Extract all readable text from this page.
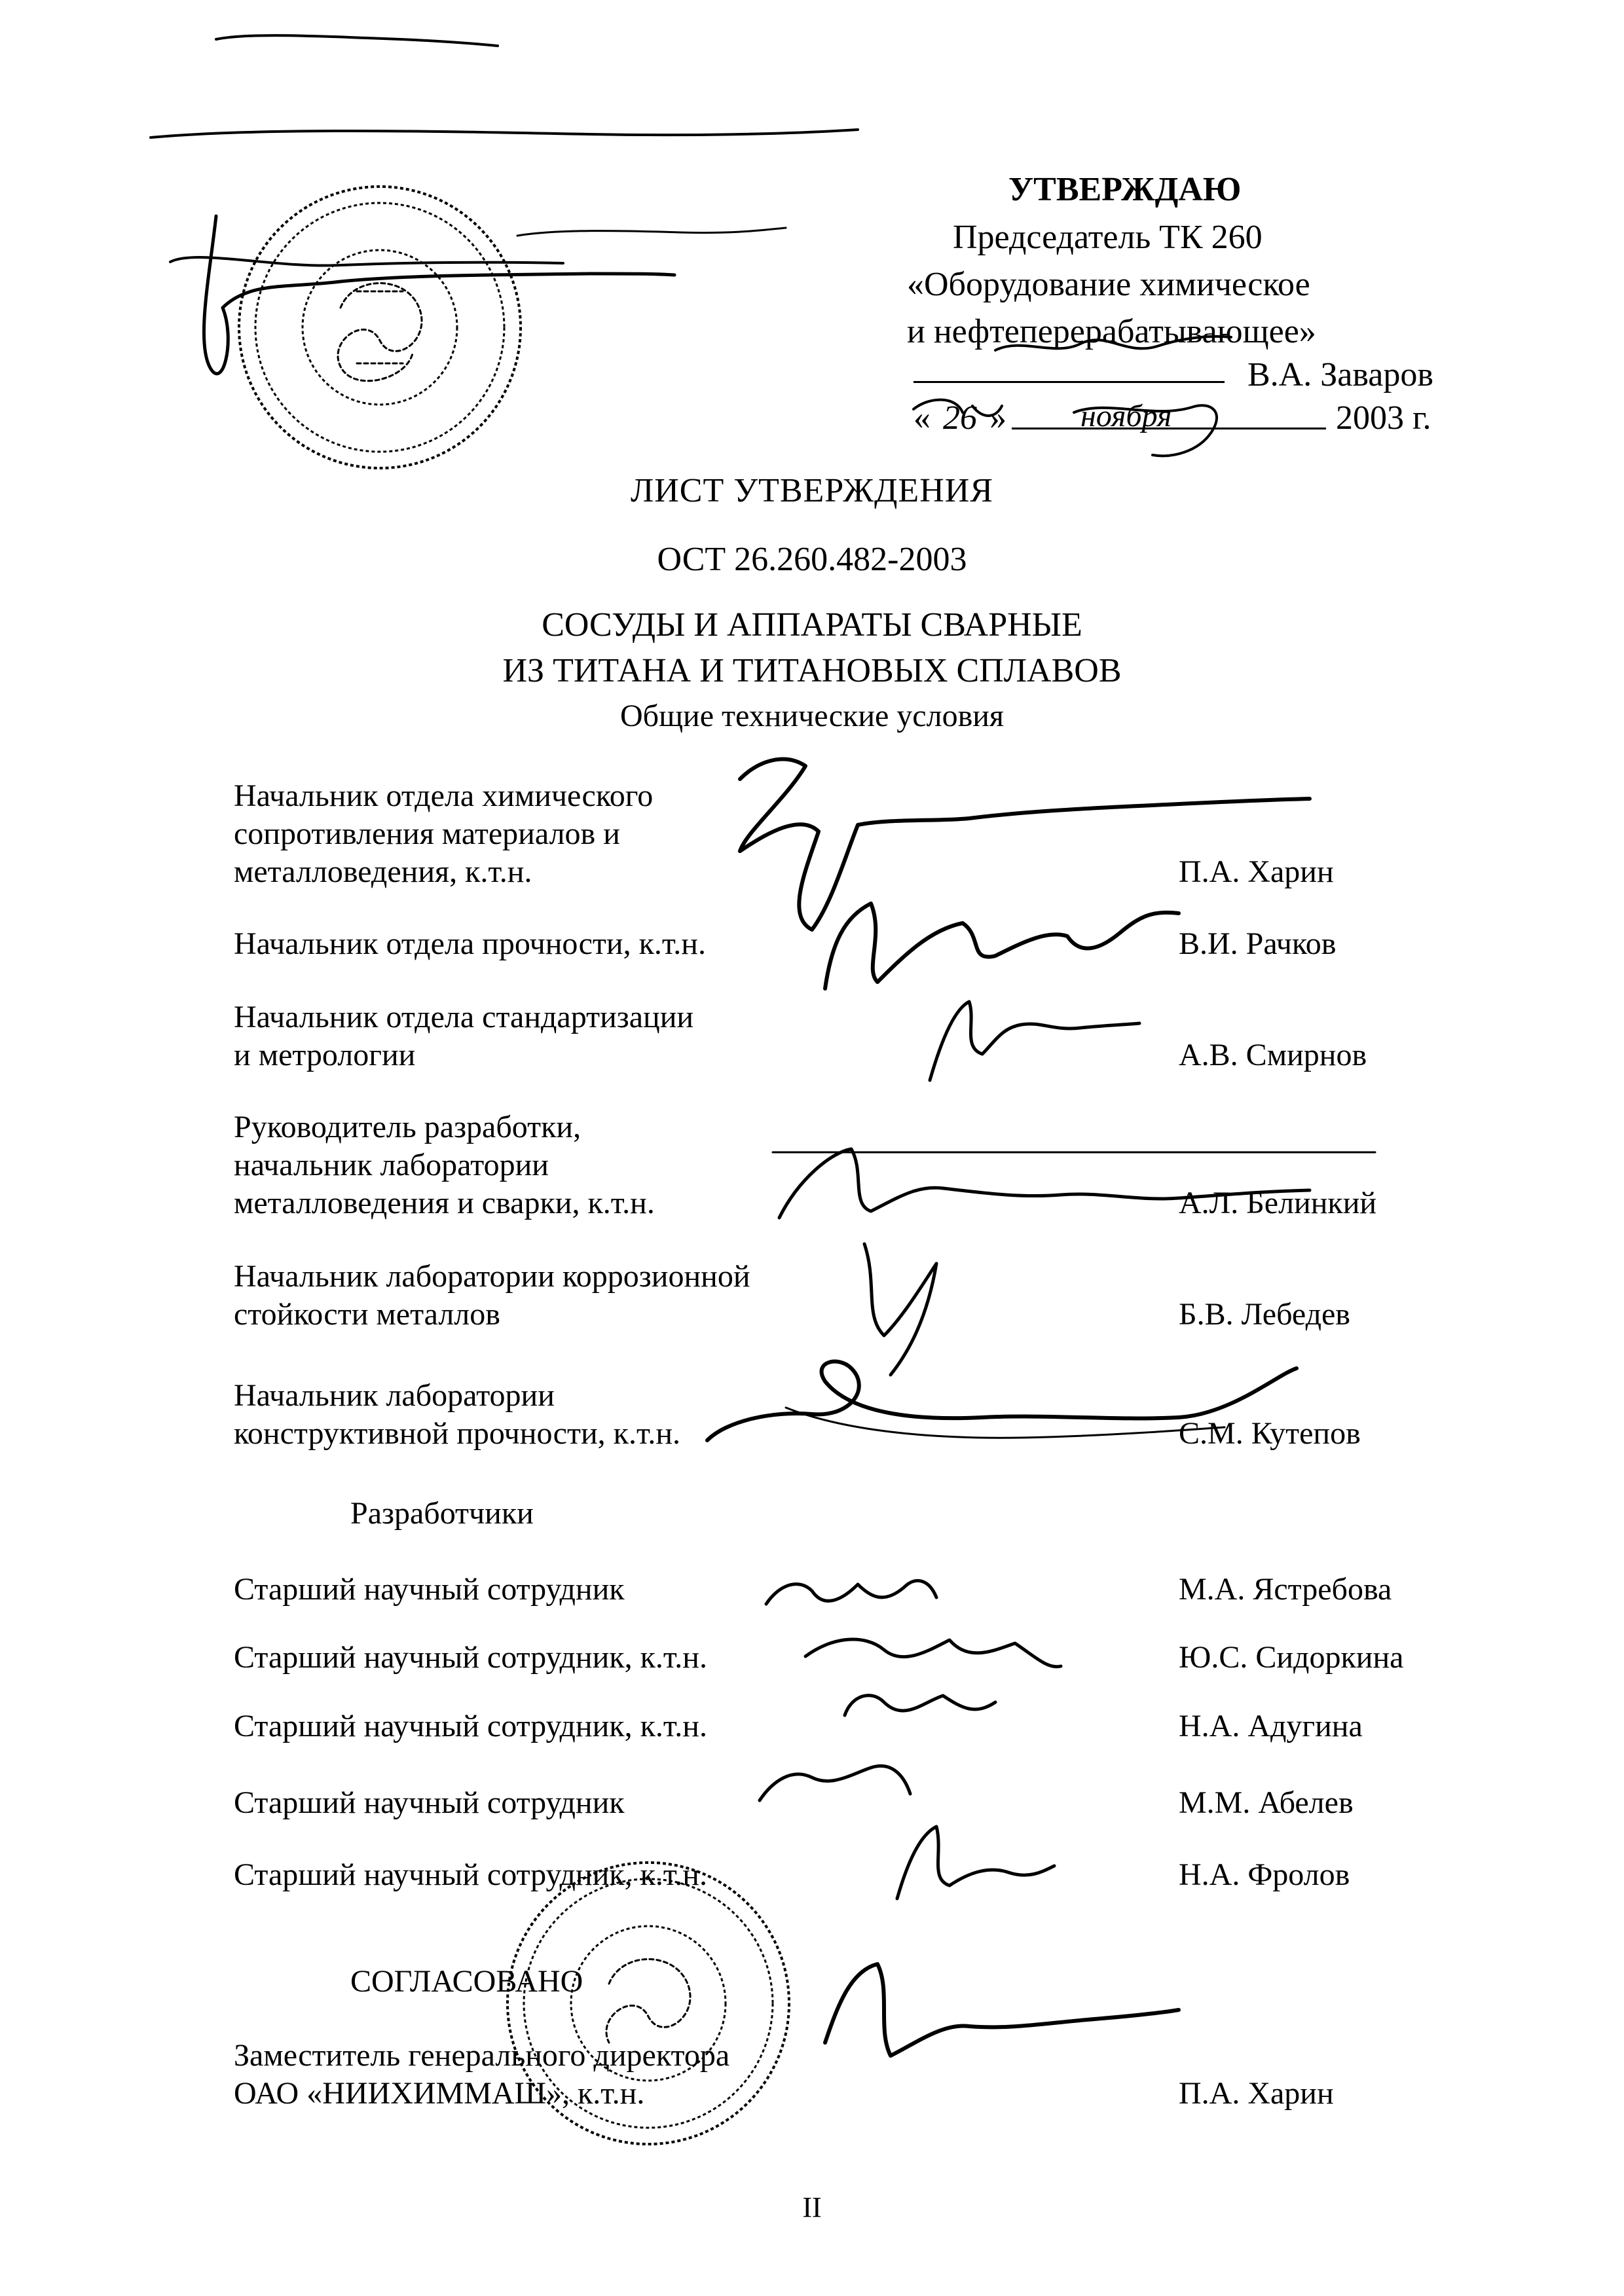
УТВЕРЖДАЮ
Председатель ТК 260
«Оборудование химическое
и нефтеперерабатывающее»
В.А. Заваров
« 26 » ноября	2003 г.
ЛИСТ УТВЕРЖДЕНИЯ
ОСТ 26.260.482-2003
СОСУДЫ И АППАРАТЫ СВАРНЫЕ
ИЗ ТИТАНА И ТИТАНОВЫХ СПЛАВОВ
Общие технические условия
Начальник отдела химического
сопротивления материалов и
металловедения, к.т.н.	П.А. Харин
Начальник отдела прочности, к.т.н.	В.И. Рачков
Начальник отдела стандартизации
и метрологии	А.В. Смирнов
Руководитель разработки,
начальник лаборатории
металловедения и сварки, к.т.н.	А.Л. Белинкий
Начальник лаборатории коррозионной
стойкости металлов	Б.В. Лебедев
Начальник лаборатории
конструктивной прочности, к.т.н.	С.М. Кутепов
Разработчики
Старший научный сотрудник	М.А. Ястребова
Старший научный сотрудник, к.т.н.	Ю.С. Сидоркина
Старший научный сотрудник, к.т.н.	Н.А. Адугина
Старший научный сотрудник	М.М. Абелев
Старший научный сотрудник, к.т.н.	Н.А. Фролов
СОГЛАСОВАНО
Заместитель генерального директора
ОАО «НИИХИММАШ», к.т.н.	П.А. Харин
II
